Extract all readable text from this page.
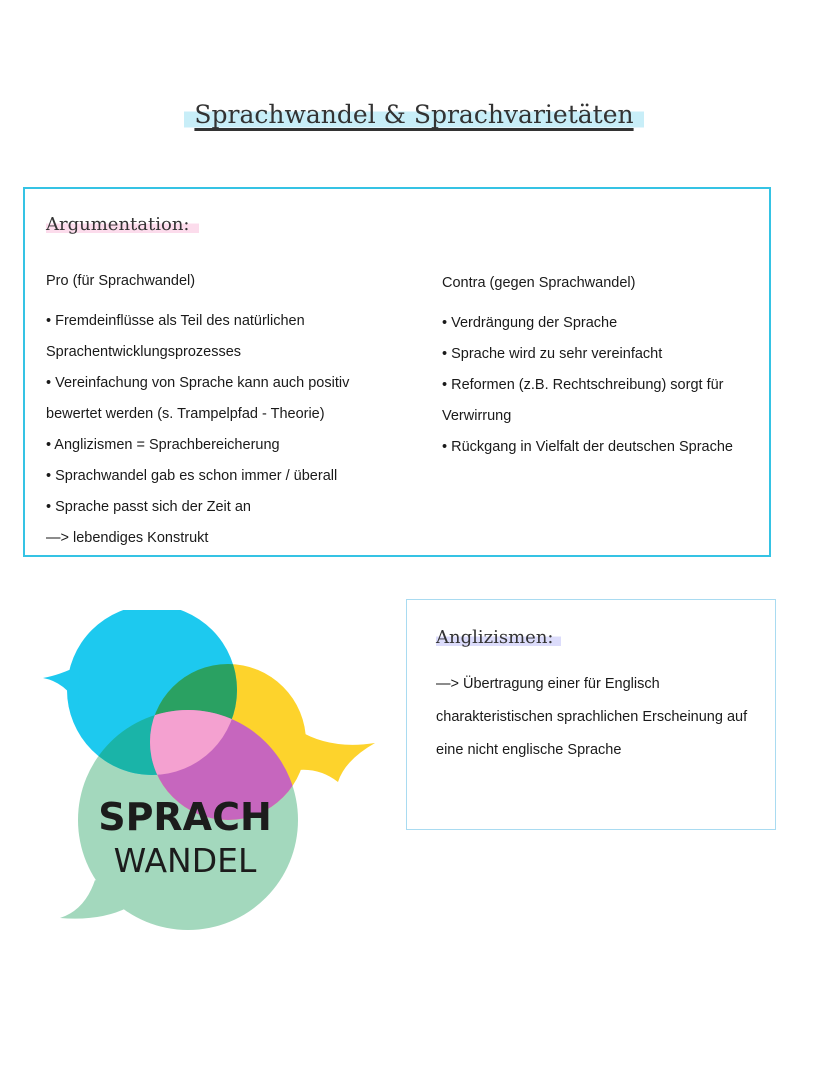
Sprachwandel & Sprachvarietäten
Argumentation:
Pro (für Sprachwandel)
• Fremdeinflüsse als Teil des natürlichen
Sprachentwicklungsprozesses
• Vereinfachung von Sprache kann auch positiv
bewertet werden (s. Trampelpfad - Theorie)
• Anglizismen = Sprachbereicherung
• Sprachwandel gab es schon immer / überall
• Sprache passt sich der Zeit an
—> lebendiges Konstrukt
Contra (gegen Sprachwandel)
• Verdrängung der Sprache
• Sprache wird zu sehr vereinfacht
• Reformen (z.B. Rechtschreibung) sorgt für
Verwirrung
• Rückgang in Vielfalt der deutschen Sprache
SPRACH
WANDEL
Anglizismen:

—> Übertragung einer für Englisch charakteristischen sprachlichen Erscheinung auf eine nicht englische Sprache
